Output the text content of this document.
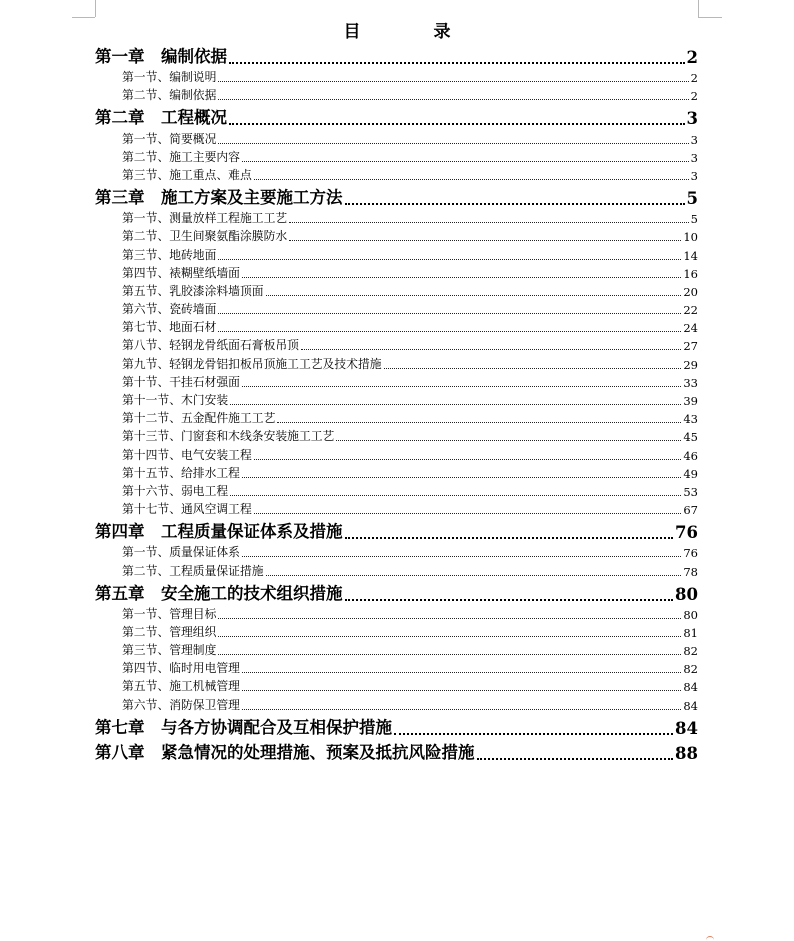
目　录
第一章　编制依据	2
第一节、编制说明	2
第二节、编制依据	2
第二章　工程概况	3
第一节、简要概况	3
第二节、施工主要内容	3
第三节、施工重点、难点	3
第三章　施工方案及主要施工方法	5
第一节、测量放样工程施工工艺	5
第二节、卫生间聚氨酯涂膜防水	10
第三节、地砖地面	14
第四节、裱糊壁纸墙面	16
第五节、乳胶漆涂料墙顶面	20
第六节、瓷砖墙面	22
第七节、地面石材	24
第八节、轻钢龙骨纸面石膏板吊顶	27
第九节、轻钢龙骨铝扣板吊顶施工工艺及技术措施	29
第十节、干挂石材强面	33
第十一节、木门安装	39
第十二节、五金配件施工工艺	43
第十三节、门窗套和木线条安装施工工艺	45
第十四节、电气安装工程	46
第十五节、给排水工程	49
第十六节、弱电工程	53
第十七节、通风空调工程	67
第四章　工程质量保证体系及措施	76
第一节、质量保证体系	76
第二节、工程质量保证措施	78
第五章　安全施工的技术组织措施	80
第一节、管理目标	80
第二节、管理组织	81
第三节、管理制度	82
第四节、临时用电管理	82
第五节、施工机械管理	84
第六节、消防保卫管理	84
第七章　与各方协调配合及互相保护措施	84
第八章　紧急情况的处理措施、预案及抵抗风险措施	88
